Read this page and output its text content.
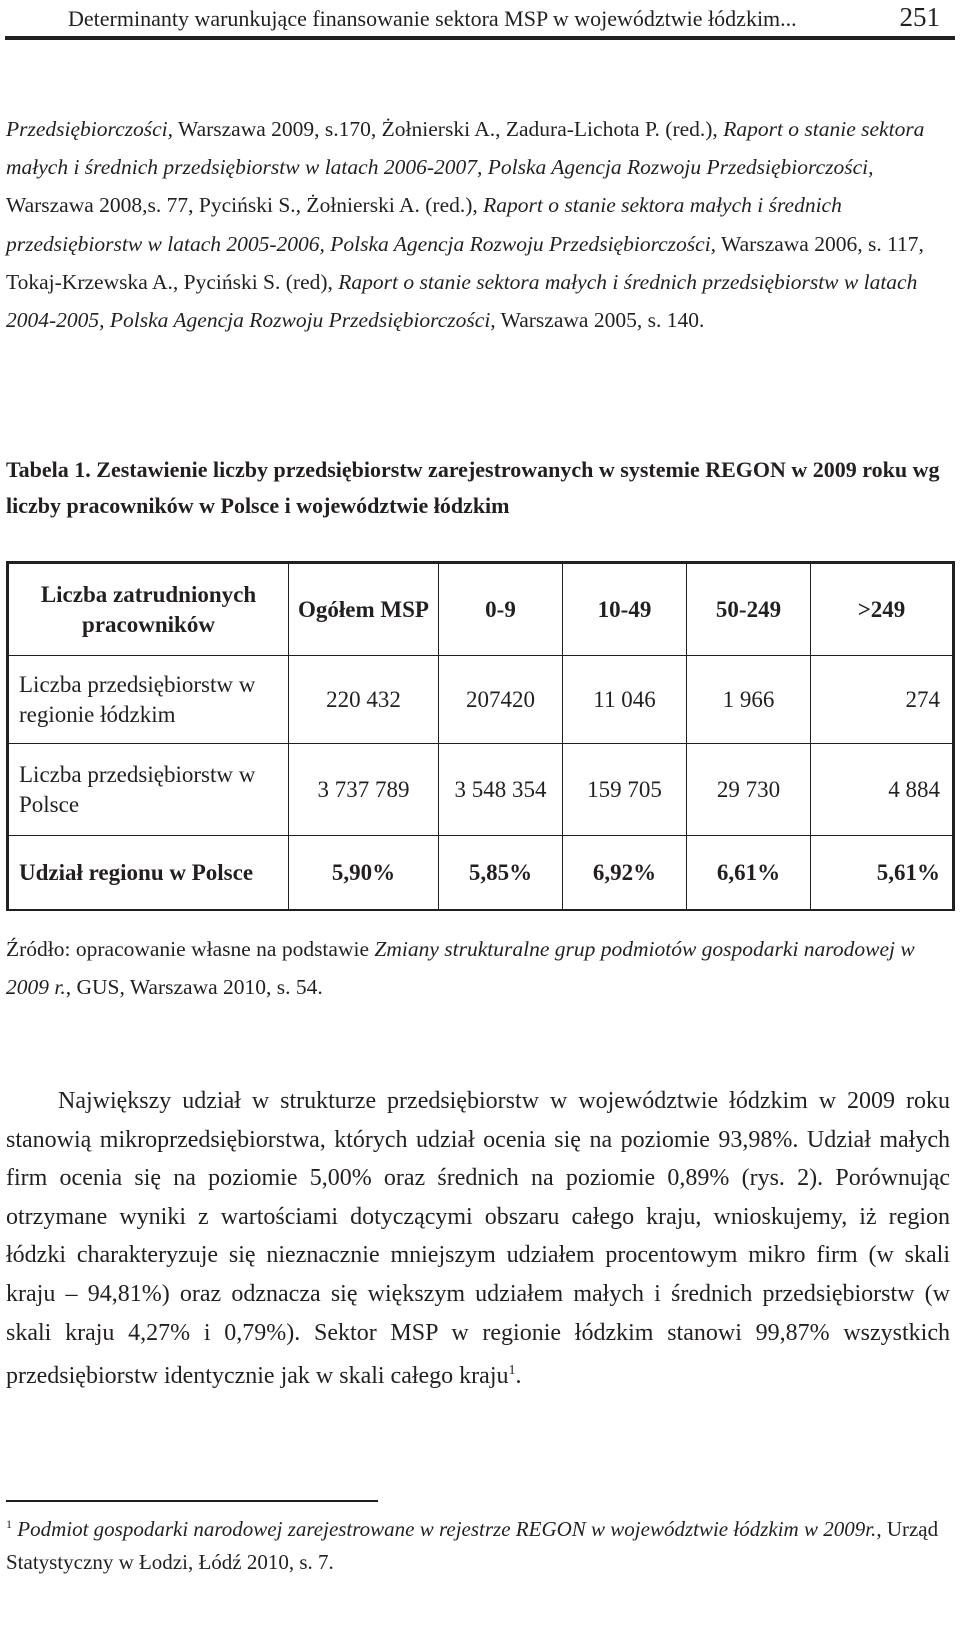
Determinanty warunkujące finansowanie sektora MSP w województwie łódzkim...	251

Przedsiębiorczości, Warszawa 2009, s.170, Żołnierski A., Zadura-Lichota P. (red.), Raport o stanie sektora małych i średnich przedsiębiorstw w latach 2006-2007, Polska Agencja Rozwoju Przedsiębiorczości, Warszawa 2008,s. 77, Pyciński S., Żołnierski A. (red.), Raport o stanie sektora małych i średnich przedsiębiorstw w latach 2005-2006, Polska Agencja Rozwoju Przedsiębiorczości, Warszawa 2006, s. 117, Tokaj-Krzewska A., Pyciński S. (red), Raport o stanie sektora małych i średnich przedsiębiorstw w latach 2004-2005, Polska Agencja Rozwoju Przedsiębiorczości, Warszawa 2005, s. 140.

Tabela 1. Zestawienie liczby przedsiębiorstw zarejestrowanych w systemie REGON w 2009 roku wg liczby pracowników w Polsce i województwie łódzkim

Liczba zatrudnionych pracowników	Ogółem MSP	0-9	10-49	50-249	>249
Liczba przedsiębiorstw w regionie łódzkim	220 432	207420	11 046	1 966	274
Liczba przedsiębiorstw w Polsce	3 737 789	3 548 354	159 705	29 730	4 884
Udział regionu w Polsce	5,90%	5,85%	6,92%	6,61%	5,61%

Źródło: opracowanie własne na podstawie Zmiany strukturalne grup podmiotów gospodarki narodowej w 2009 r., GUS, Warszawa 2010, s. 54.

Największy udział w strukturze przedsiębiorstw w województwie łódzkim w 2009 roku stanowią mikroprzedsiębiorstwa, których udział ocenia się na poziomie 93,98%. Udział małych firm ocenia się na poziomie 5,00% oraz średnich na poziomie 0,89% (rys. 2). Porównując otrzymane wyniki z wartościami dotyczącymi obszaru całego kraju, wnioskujemy, iż region łódzki charakteryzuje się nieznacznie mniejszym udziałem procentowym mikro firm (w skali kraju – 94,81%) oraz odznacza się większym udziałem małych i średnich przedsiębiorstw (w skali kraju 4,27% i 0,79%). Sektor MSP w regionie łódzkim stanowi 99,87% wszystkich przedsiębiorstw identycznie jak w skali całego kraju$^1$.

$^1$ Podmiot gospodarki narodowej zarejestrowane w rejestrze REGON w województwie łódzkim w 2009r., Urząd Statystyczny w Łodzi, Łódź 2010, s. 7.
